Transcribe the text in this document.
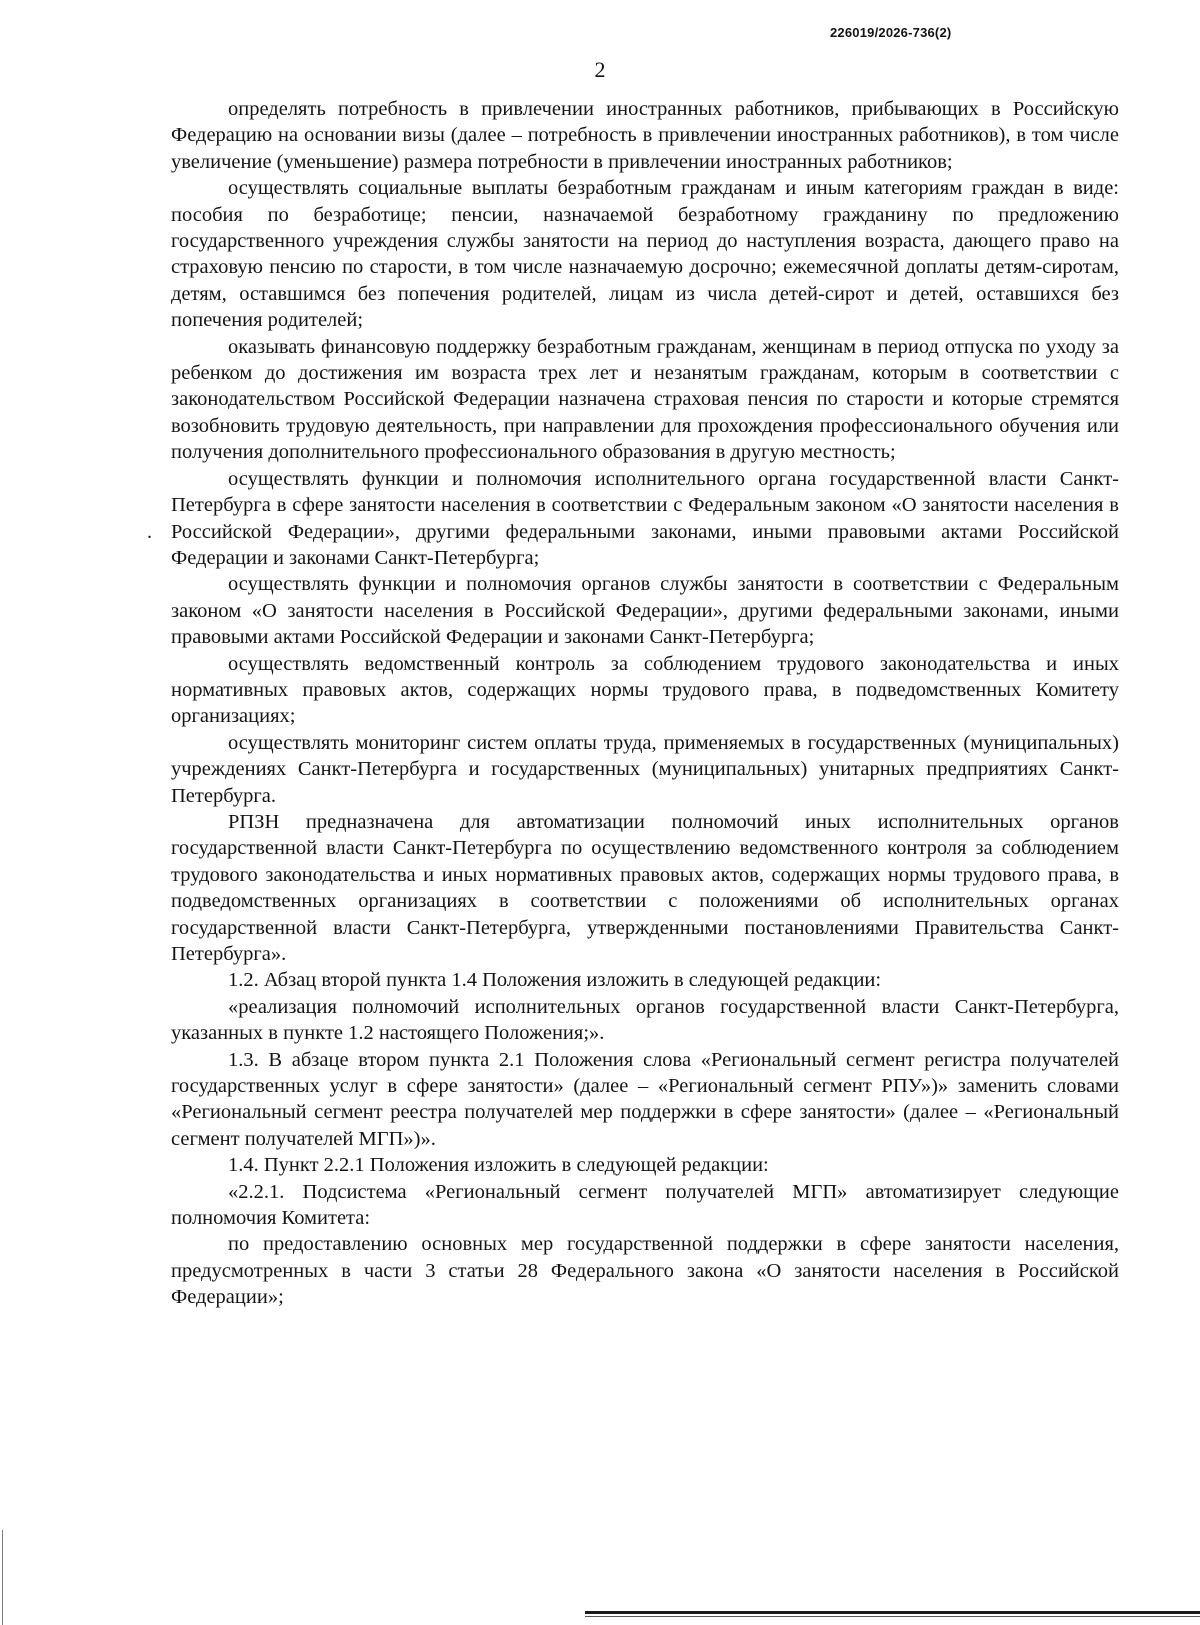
226019/2026-736(2)
2

определять потребность в привлечении иностранных работников, прибывающих в Российскую Федерацию на основании визы (далее – потребность в привлечении иностранных работников), в том числе увеличение (уменьшение) размера потребности в привлечении иностранных работников;

осуществлять социальные выплаты безработным гражданам и иным категориям граждан в виде: пособия по безработице; пенсии, назначаемой безработному гражданину по предложению государственного учреждения службы занятости на период до наступления возраста, дающего право на страховую пенсию по старости, в том числе назначаемую досрочно; ежемесячной доплаты детям-сиротам, детям, оставшимся без попечения родителей, лицам из числа детей-сирот и детей, оставшихся без попечения родителей;

оказывать финансовую поддержку безработным гражданам, женщинам в период отпуска по уходу за ребенком до достижения им возраста трех лет и незанятым гражданам, которым в соответствии с законодательством Российской Федерации назначена страховая пенсия по старости и которые стремятся возобновить трудовую деятельность, при направлении для прохождения профессионального обучения или получения дополнительного профессионального образования в другую местность;

осуществлять функции и полномочия исполнительного органа государственной власти Санкт-Петербурга в сфере занятости населения в соответствии с Федеральным законом «О занятости населения в Российской Федерации», другими федеральными законами, иными правовыми актами Российской Федерации и законами Санкт-Петербурга;

осуществлять функции и полномочия органов службы занятости в соответствии с Федеральным законом «О занятости населения в Российской Федерации», другими федеральными законами, иными правовыми актами Российской Федерации и законами Санкт-Петербурга;

осуществлять ведомственный контроль за соблюдением трудового законодательства и иных нормативных правовых актов, содержащих нормы трудового права, в подведомственных Комитету организациях;

осуществлять мониторинг систем оплаты труда, применяемых в государственных (муниципальных) учреждениях Санкт-Петербурга и государственных (муниципальных) унитарных предприятиях Санкт-Петербурга.

РПЗН предназначена для автоматизации полномочий иных исполнительных органов государственной власти Санкт-Петербурга по осуществлению ведомственного контроля за соблюдением трудового законодательства и иных нормативных правовых актов, содержащих нормы трудового права, в подведомственных организациях в соответствии с положениями об исполнительных органах государственной власти Санкт-Петербурга, утвержденными постановлениями Правительства Санкт-Петербурга».

1.2. Абзац второй пункта 1.4 Положения изложить в следующей редакции:

«реализация полномочий исполнительных органов государственной власти Санкт-Петербурга, указанных в пункте 1.2 настоящего Положения;».

1.3. В абзаце втором пункта 2.1 Положения слова «Региональный сегмент регистра получателей государственных услуг в сфере занятости» (далее – «Региональный сегмент РПУ»)» заменить словами «Региональный сегмент реестра получателей мер поддержки в сфере занятости» (далее – «Региональный сегмент получателей МГП»)».

1.4. Пункт 2.2.1 Положения изложить в следующей редакции:

«2.2.1. Подсистема «Региональный сегмент получателей МГП» автоматизирует следующие полномочия Комитета:

по предоставлению основных мер государственной поддержки в сфере занятости населения, предусмотренных в части 3 статьи 28 Федерального закона «О занятости населения в Российской Федерации»;

.
